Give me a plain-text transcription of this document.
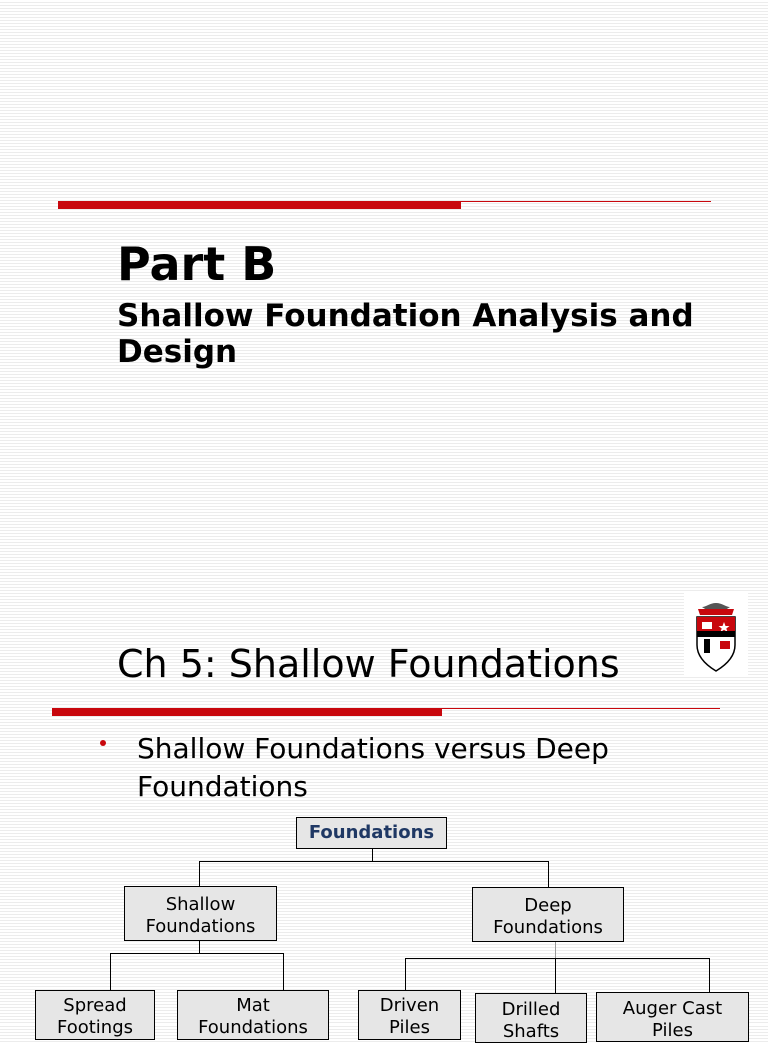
Part B
Shallow Foundation Analysis and Design
Ch 5: Shallow Foundations
Shallow Foundations versus Deep Foundations
Foundations
Shallow
Foundations
Deep
Foundations
Spread
Footings
Mat
Foundations
Driven
Piles
Drilled
Shafts
Auger Cast
Piles
